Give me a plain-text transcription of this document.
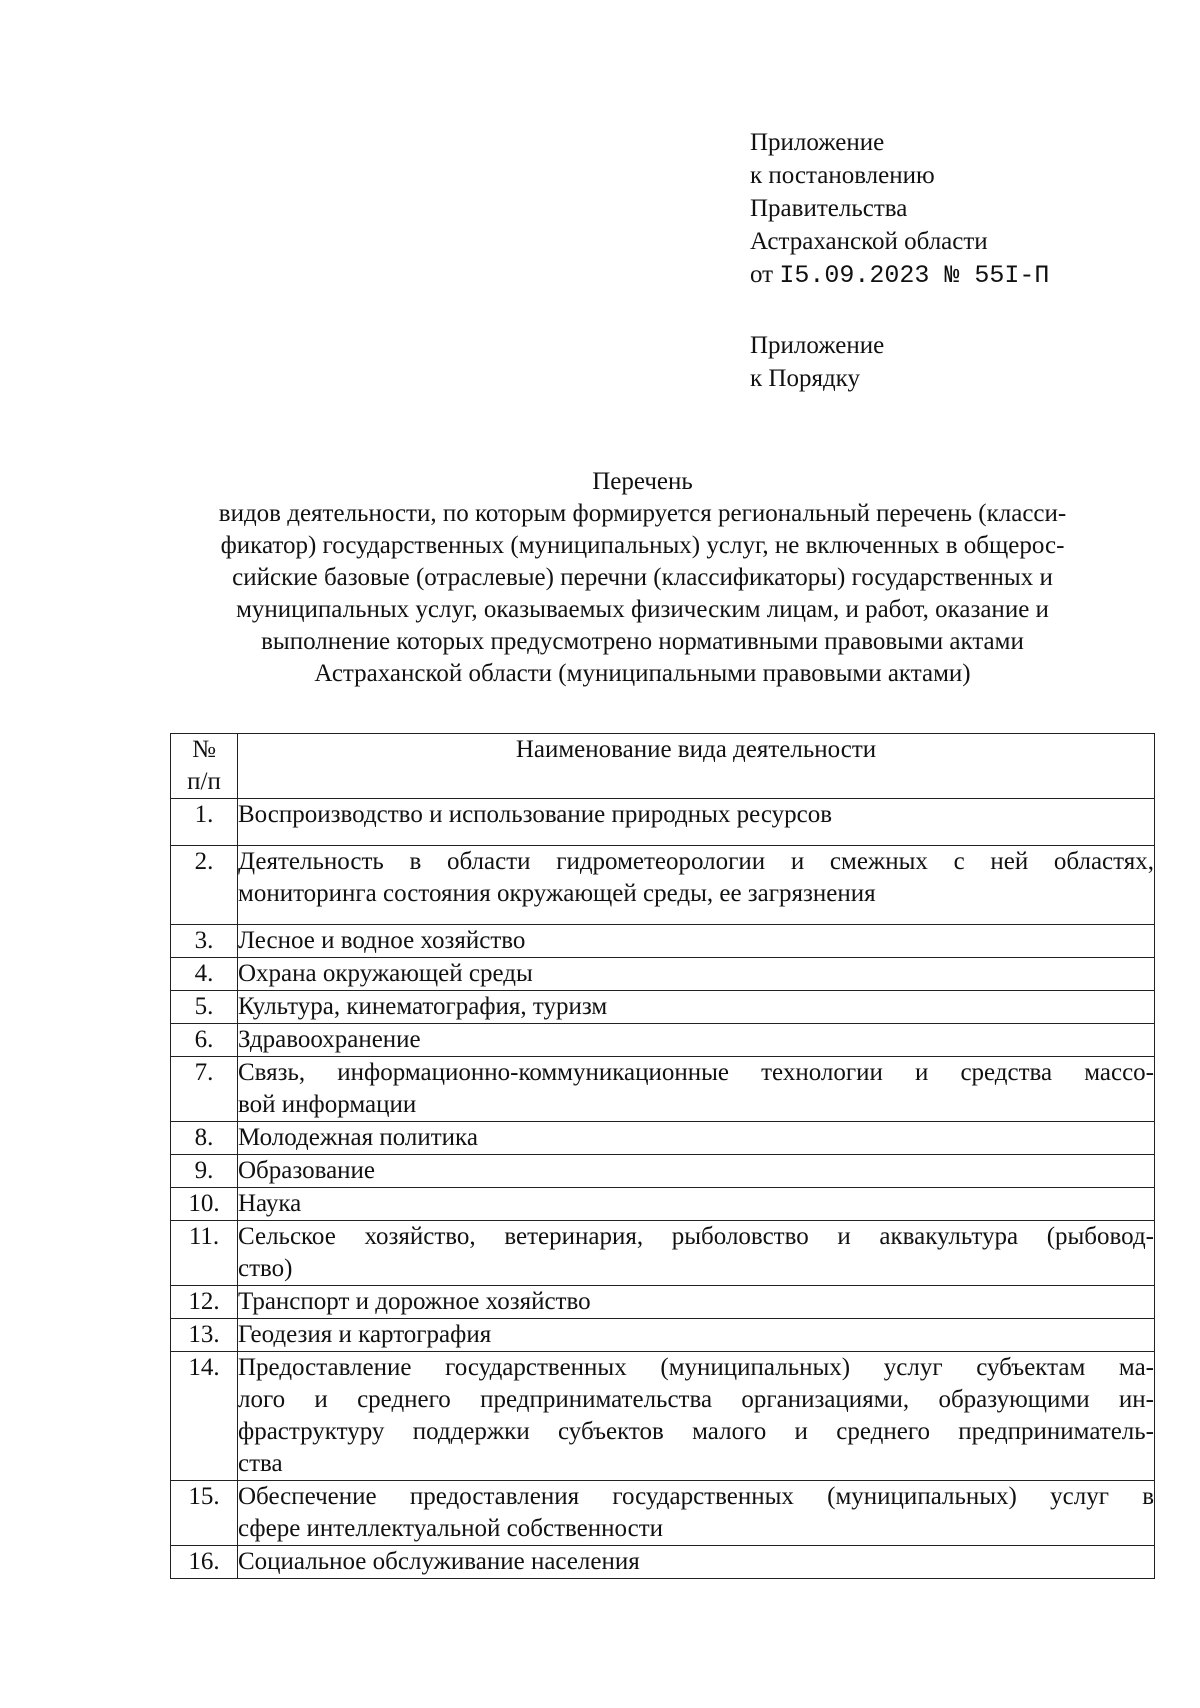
Приложение
к постановлению
Правительства
Астраханской области
от I5.09.2023 № 55I-П
Приложение
к Порядку
Перечень
видов деятельности, по которым формируется региональный перечень (класси-
фикатор) государственных (муниципальных) услуг, не включенных в общерос-
сийские базовые (отраслевые) перечни (классификаторы) государственных и
муниципальных услуг, оказываемых физическим лицам, и работ, оказание и
выполнение которых предусмотрено нормативными правовыми актами
Астраханской области (муниципальными правовыми актами)
№
п/п	Наименование вида деятельности
1.	Воспроизводство и использование природных ресурсов

2.	Деятельность в области гидрометеорологии и смежных с ней областях,
мониторинга состояния окружающей среды, ее загрязнения

3.	Лесное и водное хозяйство

4.	Охрана окружающей среды

5.	Культура, кинематография, туризм

6.	Здравоохранение

7.	Связь, информационно-коммуникационные технологии и средства массо-
вой информации

8.	Молодежная политика

9.	Образование

10.	Наука

11.	Сельское хозяйство, ветеринария, рыболовство и аквакультура (рыбовод-
ство)

12.	Транспорт и дорожное хозяйство

13.	Геодезия и картография

14.	Предоставление государственных (муниципальных) услуг субъектам ма-
лого и среднего предпринимательства организациями, образующими ин-
фраструктуру поддержки субъектов малого и среднего предприниматель-
ства

15.	Обеспечение предоставления государственных (муниципальных) услуг в
сфере интеллектуальной собственности

16.	Социальное обслуживание населения
